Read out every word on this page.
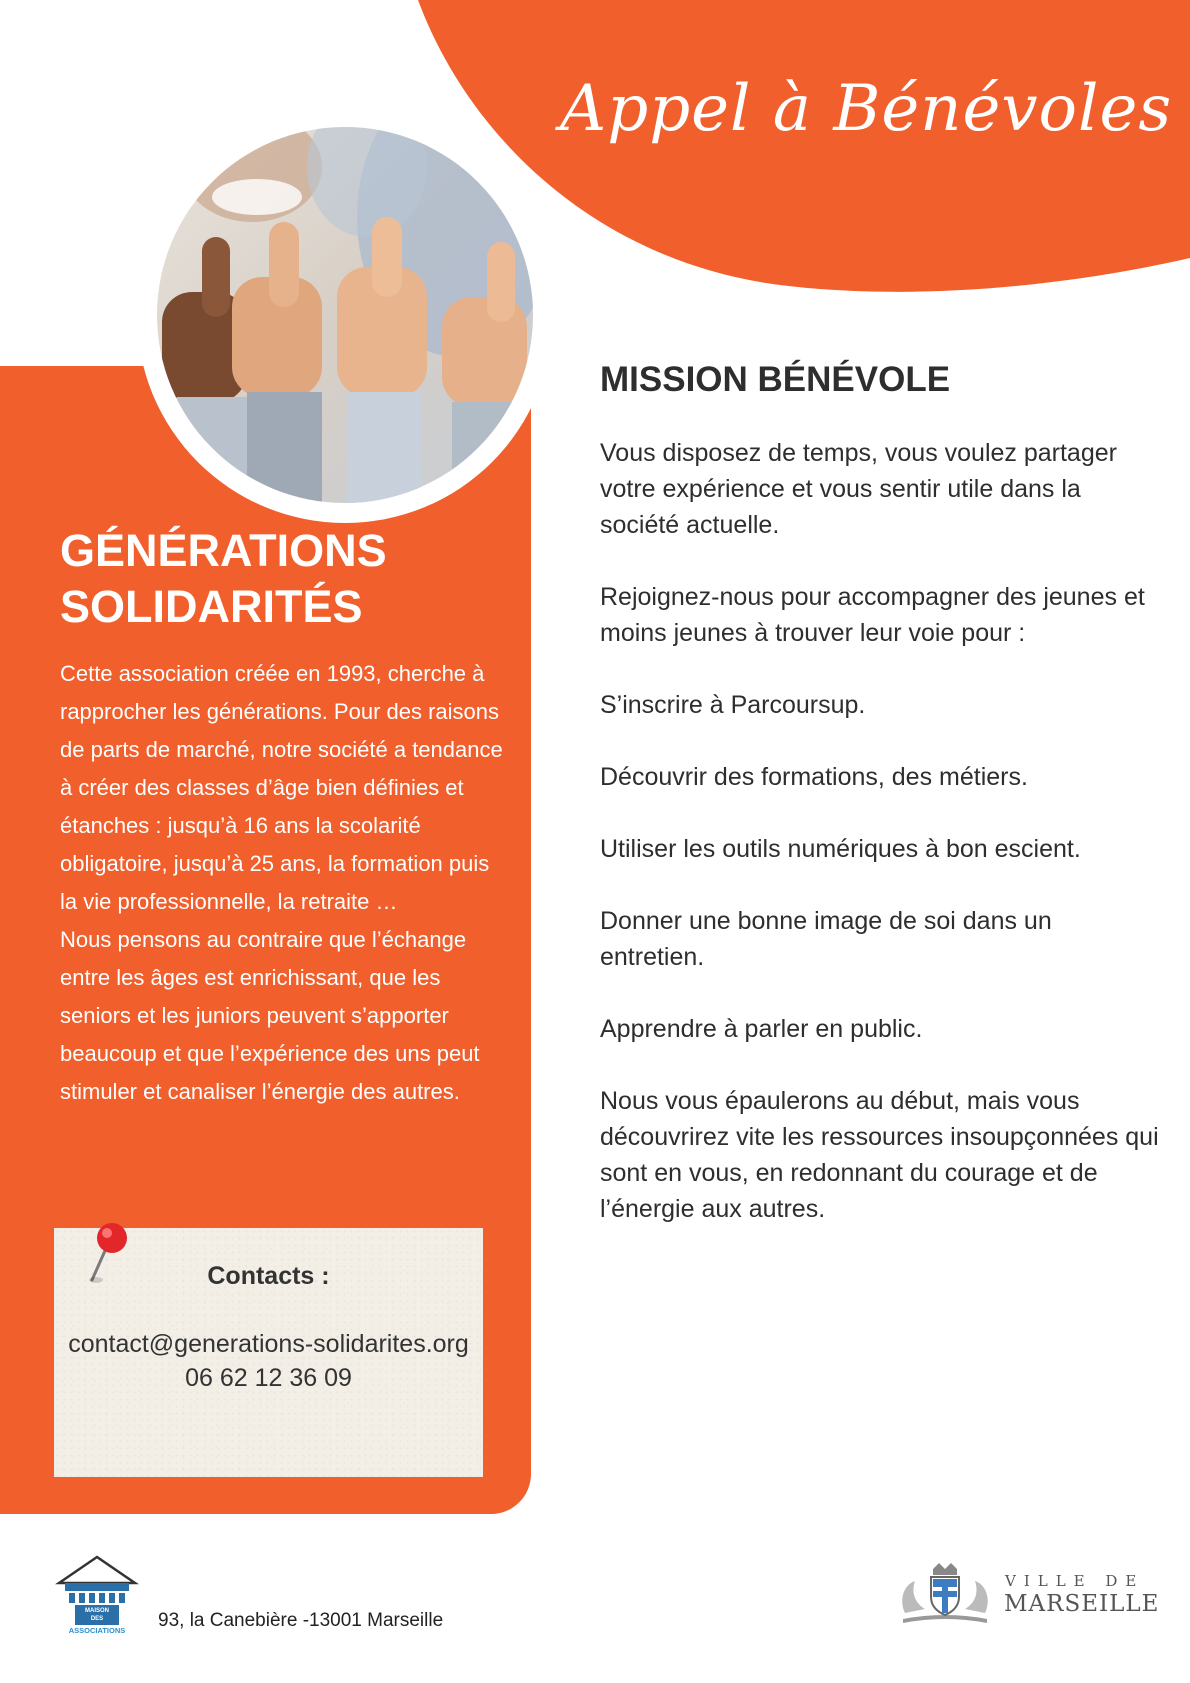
Appel à Bénévoles
GÉNÉRATIONS
SOLIDARITÉS

Cette association créée en 1993, cherche à rapprocher les générations. Pour des raisons de parts de marché, notre société a tendance à créer des classes d’âge bien définies et étanches : jusqu’à 16 ans la scolarité obligatoire, jusqu’à 25 ans, la formation puis la vie professionnelle, la retraite …

Nous pensons au contraire que l’échange entre les âges est enrichissant, que les seniors et les juniors peuvent s’apporter beaucoup et que l’expérience des uns peut stimuler et canaliser l’énergie des autres.

Contacts :
contact@generations-solidarites.org
06 62 12 36 09
MISSION BÉNÉVOLE

Vous disposez de temps, vous voulez partager votre expérience et vous sentir utile dans la société actuelle.

Rejoignez-nous pour accompagner des jeunes et moins jeunes à trouver leur voie pour :

S’inscrire à Parcoursup.

Découvrir des formations, des métiers.

Utiliser les outils numériques à bon escient.

Donner une bonne image de soi dans un entretien.

Apprendre à parler en public.

Nous vous épaulerons au début, mais vous découvrirez vite les ressources insoupçonnées qui sont en vous, en redonnant du courage et de l’énergie aux autres.

MAISON
DES
ASSOCIATIONS 93, la Canebière -13001 Marseille
VILLE DE
MARSEILLE
